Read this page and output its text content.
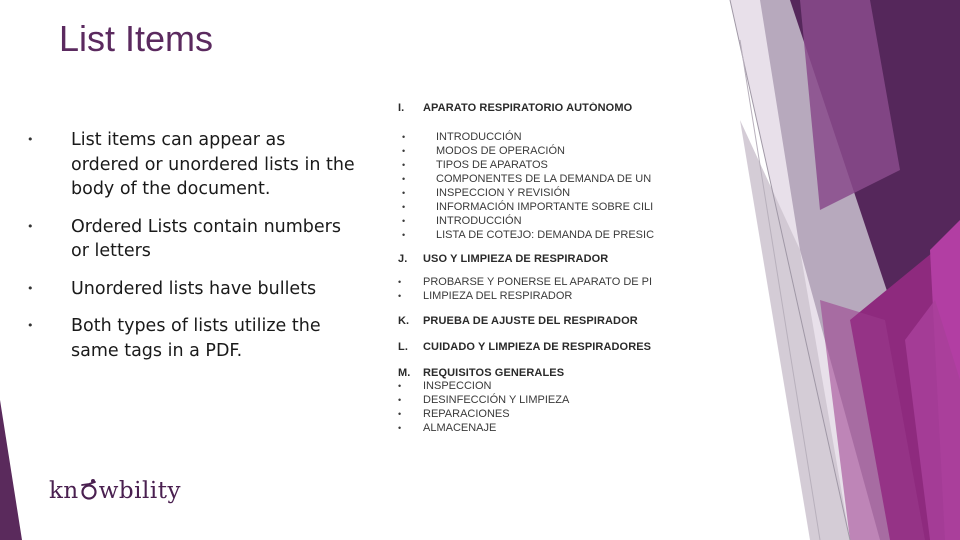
List Items
• List items can appear as ordered or unordered lists in the body of the document.
• Ordered Lists contain numbers or letters
• Unordered lists have bullets
• Both types of lists utilize the same tags in a PDF.

I. APARATO RESPIRATORIO AUTÓNOMO

•	INTRODUCCIÓN
•	MODOS DE OPERACIÓN
•	TIPOS DE APARATOS
•	COMPONENTES DE LA DEMANDA DE UN
•	INSPECCION Y REVISIÓN
•	INFORMACIÓN IMPORTANTE SOBRE CILI
•	INTRODUCCIÓN
•	LISTA DE COTEJO: DEMANDA DE PRESIC

J. USO Y LIMPIEZA DE RESPIRADOR

• PROBARSE Y PONERSE EL APARATO DE PI
• LIMPIEZA DEL RESPIRADOR

K. PRUEBA DE AJUSTE DEL RESPIRADOR

L. CUIDADO Y LIMPIEZA DE RESPIRADORES

M. REQUISITOS GENERALES

• INSPECCION
• DESINFECCIÓN Y LIMPIEZA
• REPARACIONES
• ALMACENAJE
kn wbility
